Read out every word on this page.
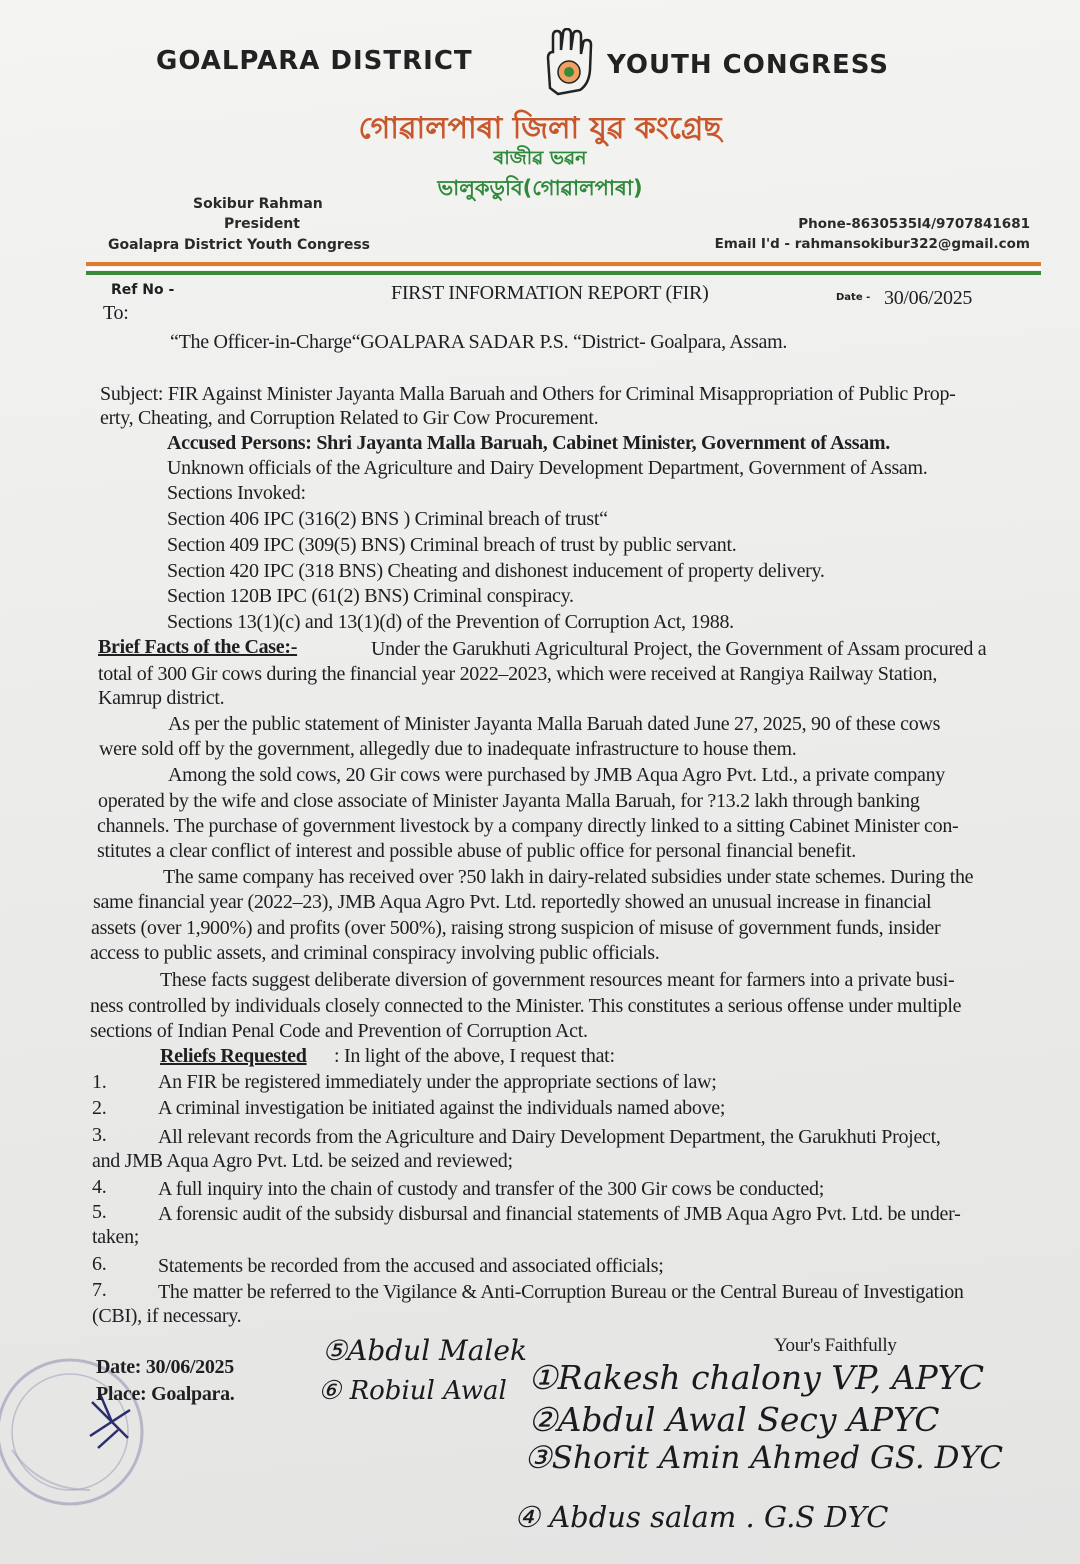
GOALPARA DISTRICT	YOUTH CONGRESS
গোৱালপাৰা জিলা যুৱ কংগ্ৰেছ
ৰাজীৱ ভৱন
ভালুকডুবি(গোৱালপাৰা)
Sokibur Rahman
President
Goalapra District Youth Congress
Phone-8630535l4/9707841681
Email I'd - rahmansokibur322@gmail.com
Ref No -	FIRST INFORMATION REPORT (FIR)	Date - 30/06/2025
To:
“The Officer-in-Charge“GOALPARA SADAR P.S. “District- Goalpara, Assam.
Subject: FIR Against Minister Jayanta Malla Baruah and Others for Criminal Misappropriation of Public Prop-
erty, Cheating, and Corruption Related to Gir Cow Procurement.
Accused Persons: Shri Jayanta Malla Baruah, Cabinet Minister, Government of Assam.
Unknown officials of the Agriculture and Dairy Development Department, Government of Assam.
Sections Invoked:
Section 406 IPC (316(2) BNS ) Criminal breach of trust“
Section 409 IPC (309(5) BNS) Criminal breach of trust by public servant.
Section 420 IPC (318 BNS) Cheating and dishonest inducement of property delivery.
Section 120B IPC (61(2) BNS) Criminal conspiracy.
Sections 13(1)(c) and 13(1)(d) of the Prevention of Corruption Act, 1988.
Brief Facts of the Case:-	Under the Garukhuti Agricultural Project, the Government of Assam procured a
total of 300 Gir cows during the financial year 2022–2023, which were received at Rangiya Railway Station,
Kamrup district.
As per the public statement of Minister Jayanta Malla Baruah dated June 27, 2025, 90 of these cows
were sold off by the government, allegedly due to inadequate infrastructure to house them.
Among the sold cows, 20 Gir cows were purchased by JMB Aqua Agro Pvt. Ltd., a private company
operated by the wife and close associate of Minister Jayanta Malla Baruah, for ?13.2 lakh through banking
channels. The purchase of government livestock by a company directly linked to a sitting Cabinet Minister con-
stitutes a clear conflict of interest and possible abuse of public office for personal financial benefit.
The same company has received over ?50 lakh in dairy-related subsidies under state schemes. During the
same financial year (2022–23), JMB Aqua Agro Pvt. Ltd. reportedly showed an unusual increase in financial
assets (over 1,900%) and profits (over 500%), raising strong suspicion of misuse of government funds, insider
access to public assets, and criminal conspiracy involving public officials.
These facts suggest deliberate diversion of government resources meant for farmers into a private busi-
ness controlled by individuals closely connected to the Minister. This constitutes a serious offense under multiple
sections of Indian Penal Code and Prevention of Corruption Act.
Reliefs Requested : In light of the above, I request that:
1.	An FIR be registered immediately under the appropriate sections of law;
2.	A criminal investigation be initiated against the individuals named above;
3.	All relevant records from the Agriculture and Dairy Development Department, the Garukhuti Project,
and JMB Aqua Agro Pvt. Ltd. be seized and reviewed;
4.	A full inquiry into the chain of custody and transfer of the 300 Gir cows be conducted;
5.	A forensic audit of the subsidy disbursal and financial statements of JMB Aqua Agro Pvt. Ltd. be under-
taken;
6.	Statements be recorded from the accused and associated officials;
7.	The matter be referred to the Vigilance & Anti-Corruption Bureau or the Central Bureau of Investigation
(CBI), if necessary.
Date: 30/06/2025
Place: Goalpara.
Your's Faithfully
⑤Abdul Malek
⑥ Robiul Awal ①Rakesh chalony VP, APYC
②Abdul Awal Secy APYC
③Shorit Amin Ahmed GS. DYC
④ Abdus salam . G.S DYC
